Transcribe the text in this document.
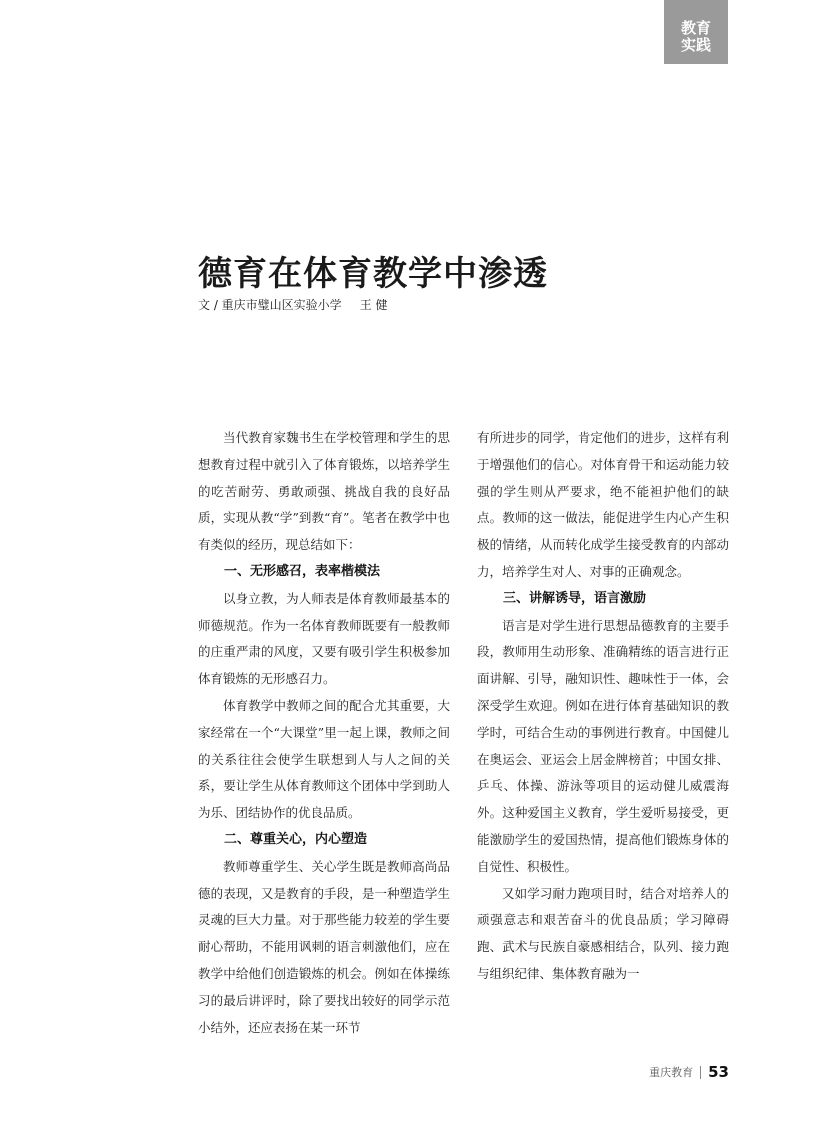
教育
实践
德育在体育教学中渗透
文 / 重庆市璧山区实验小学 王 健

当代教育家魏书生在学校管理和学生的思想教育过程中就引入了体育锻炼，以培养学生的吃苦耐劳、勇敢顽强、挑战自我的良好品质，实现从教“学”到教“育”。笔者在教学中也有类似的经历，现总结如下：

一、无形感召，表率楷模法

以身立教，为人师表是体育教师最基本的师德规范。作为一名体育教师既要有一般教师的庄重严肃的风度，又要有吸引学生积极参加体育锻炼的无形感召力。

体育教学中教师之间的配合尤其重要，大家经常在一个“大课堂”里一起上课，教师之间的关系往往会使学生联想到人与人之间的关系，要让学生从体育教师这个团体中学到助人为乐、团结协作的优良品质。

二、尊重关心，内心塑造

教师尊重学生、关心学生既是教师高尚品德的表现，又是教育的手段，是一种塑造学生灵魂的巨大力量。对于那些能力较差的学生要耐心帮助，不能用讽刺的语言刺激他们，应在教学中给他们创造锻炼的机会。例如在体操练习的最后讲评时，除了要找出较好的同学示范小结外，还应表扬在某一环节

有所进步的同学，肯定他们的进步，这样有利于增强他们的信心。对体育骨干和运动能力较强的学生则从严要求，绝不能袒护他们的缺点。教师的这一做法，能促进学生内心产生积极的情绪，从而转化成学生接受教育的内部动力，培养学生对人、对事的正确观念。

三、讲解诱导，语言激励

语言是对学生进行思想品德教育的主要手段，教师用生动形象、准确精练的语言进行正面讲解、引导，融知识性、趣味性于一体，会深受学生欢迎。例如在进行体育基础知识的教学时，可结合生动的事例进行教育。中国健儿在奥运会、亚运会上居金牌榜首；中国女排、乒乓、体操、游泳等项目的运动健儿威震海外。这种爱国主义教育，学生爱听易接受，更能激励学生的爱国热情，提高他们锻炼身体的自觉性、积极性。

又如学习耐力跑项目时，结合对培养人的顽强意志和艰苦奋斗的优良品质；学习障碍跑、武术与民族自豪感相结合，队列、接力跑与组织纪律、集体教育融为一

重庆教育 53
